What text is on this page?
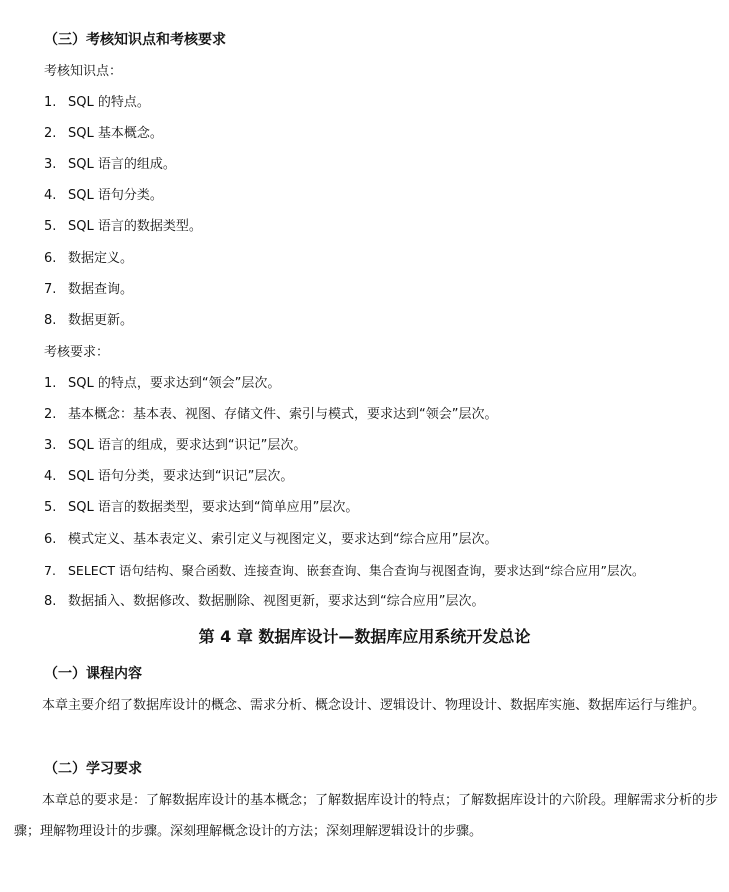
（三）考核知识点和考核要求
考核知识点：
1. SQL 的特点。
2. SQL 基本概念。
3. SQL 语言的组成。
4. SQL 语句分类。
5. SQL 语言的数据类型。
6. 数据定义。
7. 数据查询。
8. 数据更新。
考核要求：
1. SQL 的特点，要求达到“领会”层次。
2. 基本概念：基本表、视图、存储文件、索引与模式，要求达到“领会”层次。
3. SQL 语言的组成，要求达到“识记”层次。
4. SQL 语句分类，要求达到“识记”层次。
5. SQL 语言的数据类型，要求达到“简单应用”层次。
6. 模式定义、基本表定义、索引定义与视图定义，要求达到“综合应用”层次。
7. SELECT 语句结构、聚合函数、连接查询、嵌套查询、集合查询与视图查询，要求达到“综合应用”层次。
8. 数据插入、数据修改、数据删除、视图更新，要求达到“综合应用”层次。
第 4 章 数据库设计—数据库应用系统开发总论
（一）课程内容
本章主要介绍了数据库设计的概念、需求分析、概念设计、逻辑设计、物理设计、数据库实施、数据库运行与维护。
（二）学习要求
本章总的要求是：了解数据库设计的基本概念；了解数据库设计的特点；了解数据库设计的六阶段。理解需求分析的步骤；理解物理设计的步骤。深刻理解概念设计的方法；深刻理解逻辑设计的步骤。
